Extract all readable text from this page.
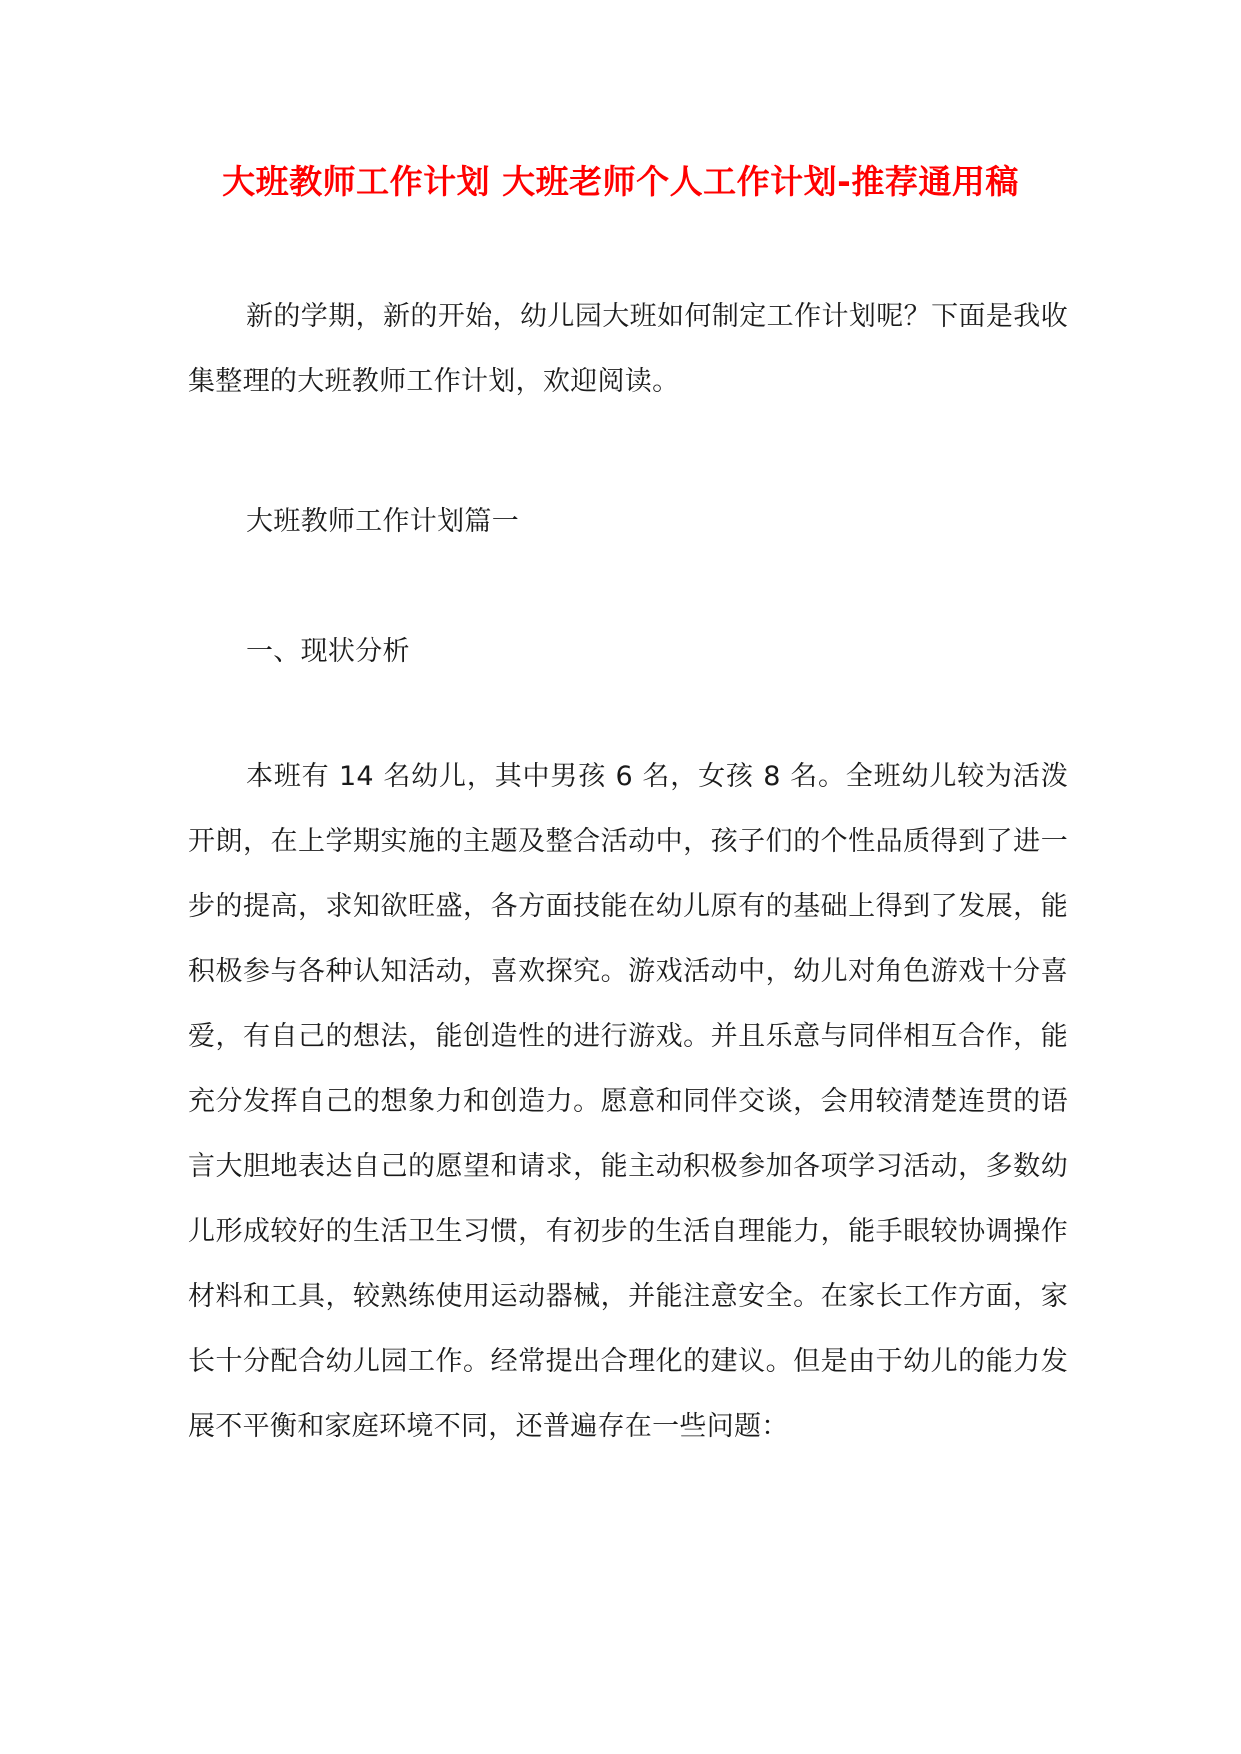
大班教师工作计划 大班老师个人工作计划-推荐通用稿

新的学期，新的开始，幼儿园大班如何制定工作计划呢？下面是我收集整理的大班教师工作计划，欢迎阅读。

大班教师工作计划篇一

一、现状分析

本班有 14 名幼儿，其中男孩 6 名，女孩 8 名。全班幼儿较为活泼开朗，在上学期实施的主题及整合活动中，孩子们的个性品质得到了进一步的提高，求知欲旺盛，各方面技能在幼儿原有的基础上得到了发展，能积极参与各种认知活动，喜欢探究。游戏活动中，幼儿对角色游戏十分喜爱，有自己的想法，能创造性的进行游戏。并且乐意与同伴相互合作，能充分发挥自己的想象力和创造力。愿意和同伴交谈，会用较清楚连贯的语言大胆地表达自己的愿望和请求，能主动积极参加各项学习活动，多数幼儿形成较好的生活卫生习惯，有初步的生活自理能力，能手眼较协调操作材料和工具，较熟练使用运动器械，并能注意安全。在家长工作方面，家长十分配合幼儿园工作。经常提出合理化的建议。但是由于幼儿的能力发展不平衡和家庭环境不同，还普遍存在一些问题：
